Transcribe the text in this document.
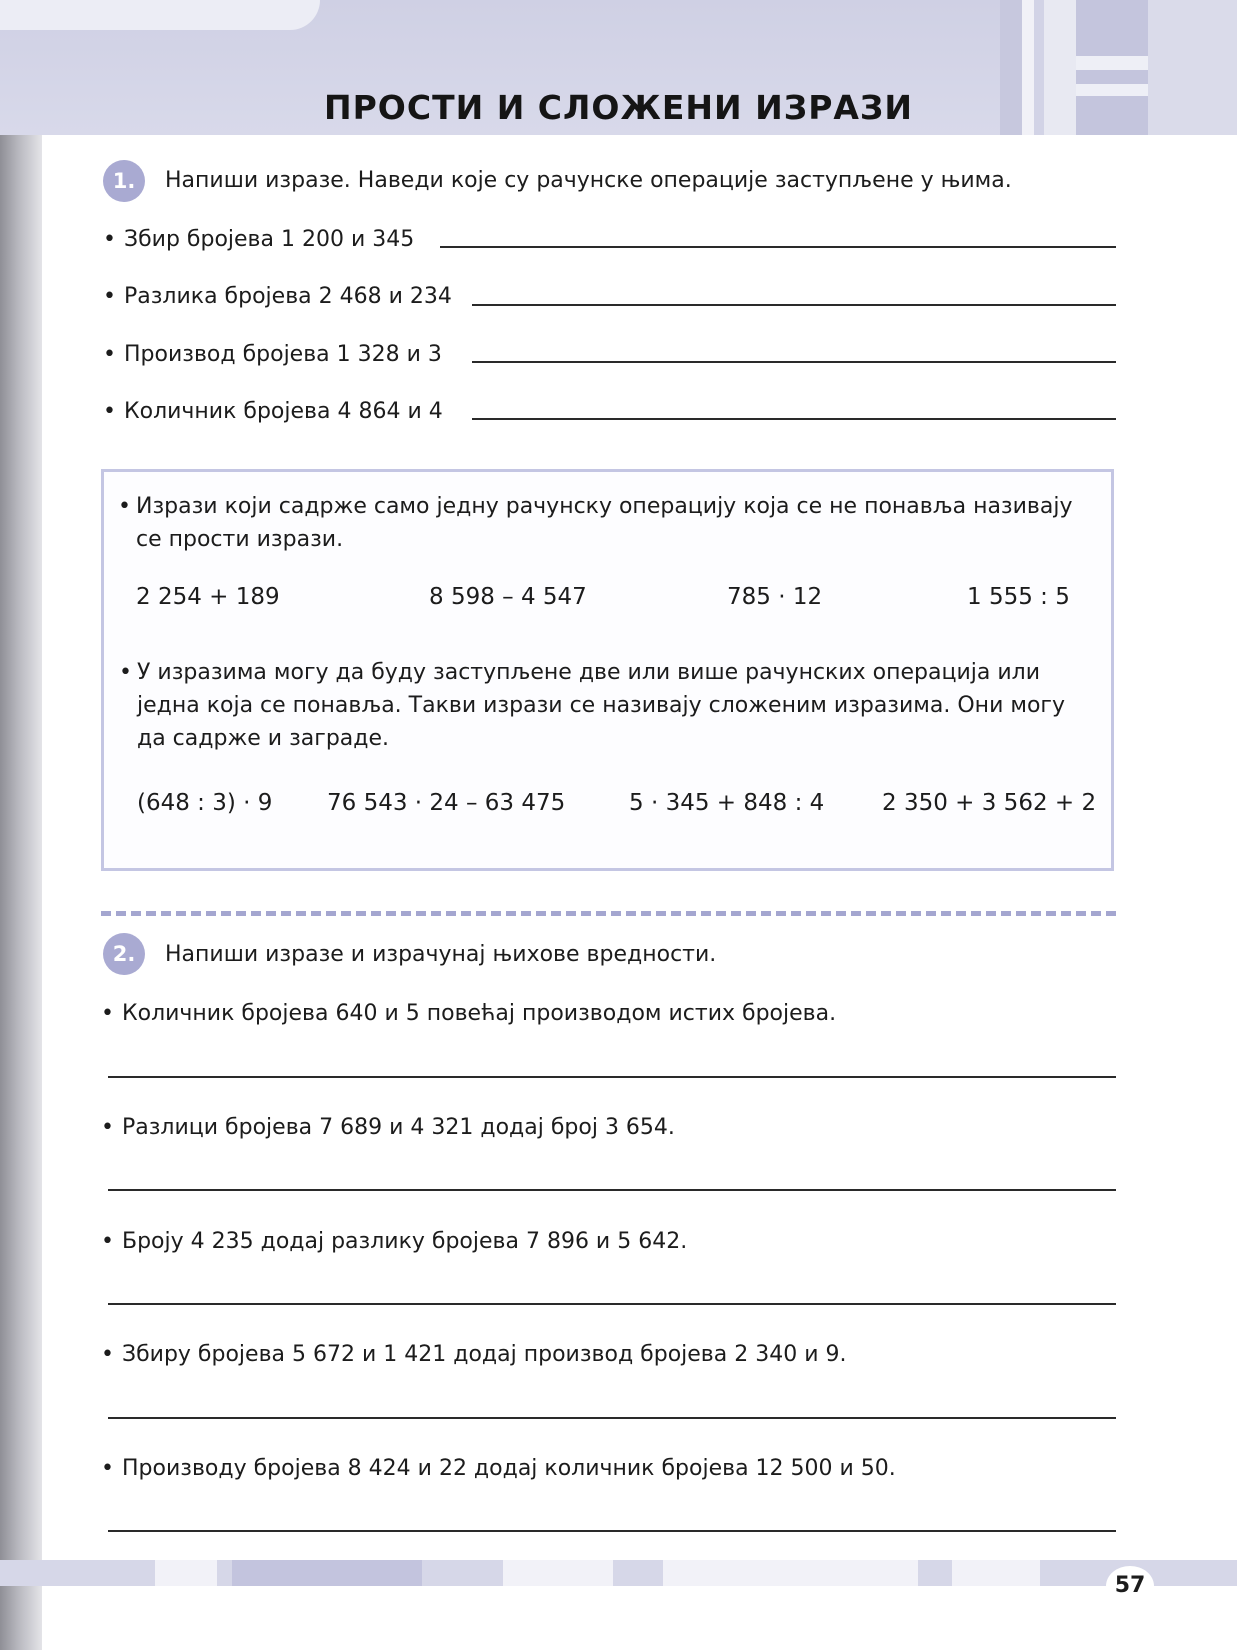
ПРОСТИ И СЛОЖЕНИ ИЗРАЗИ
1.	Напиши изразе. Наведи које су рачунске операције заступљене у њима.
• Збир бројева 1 200 и 345
• Разлика бројева 2 468 и 234
• Производ бројева 1 328 и 3
• Количник бројева 4 864 и 4
• Изрази који садрже само једну рачунску операцију која се не понавља називају
се прости изрази.
2 254 + 189	8 598 – 4 547	785 · 12	1 555 : 5
• У изразима могу да буду заступљене две или више рачунских операција или
једна која се понавља. Такви изрази се називају сложеним изразима. Они могу
да садрже и заграде.
(648 : 3) · 9 76 543 · 24 – 63 475	5 · 345 + 848 : 4	2 350 + 3 562 + 2
2.	Напиши изразе и израчунај њихове вредности.
• Количник бројева 640 и 5 повећај производом истих бројева.
• Разлици бројева 7 689 и 4 321 додај број 3 654.
• Броју 4 235 додај разлику бројева 7 896 и 5 642.
• Збиру бројева 5 672 и 1 421 додај производ бројева 2 340 и 9.
• Производу бројева 8 424 и 22 додај количник бројева 12 500 и 50.
57
